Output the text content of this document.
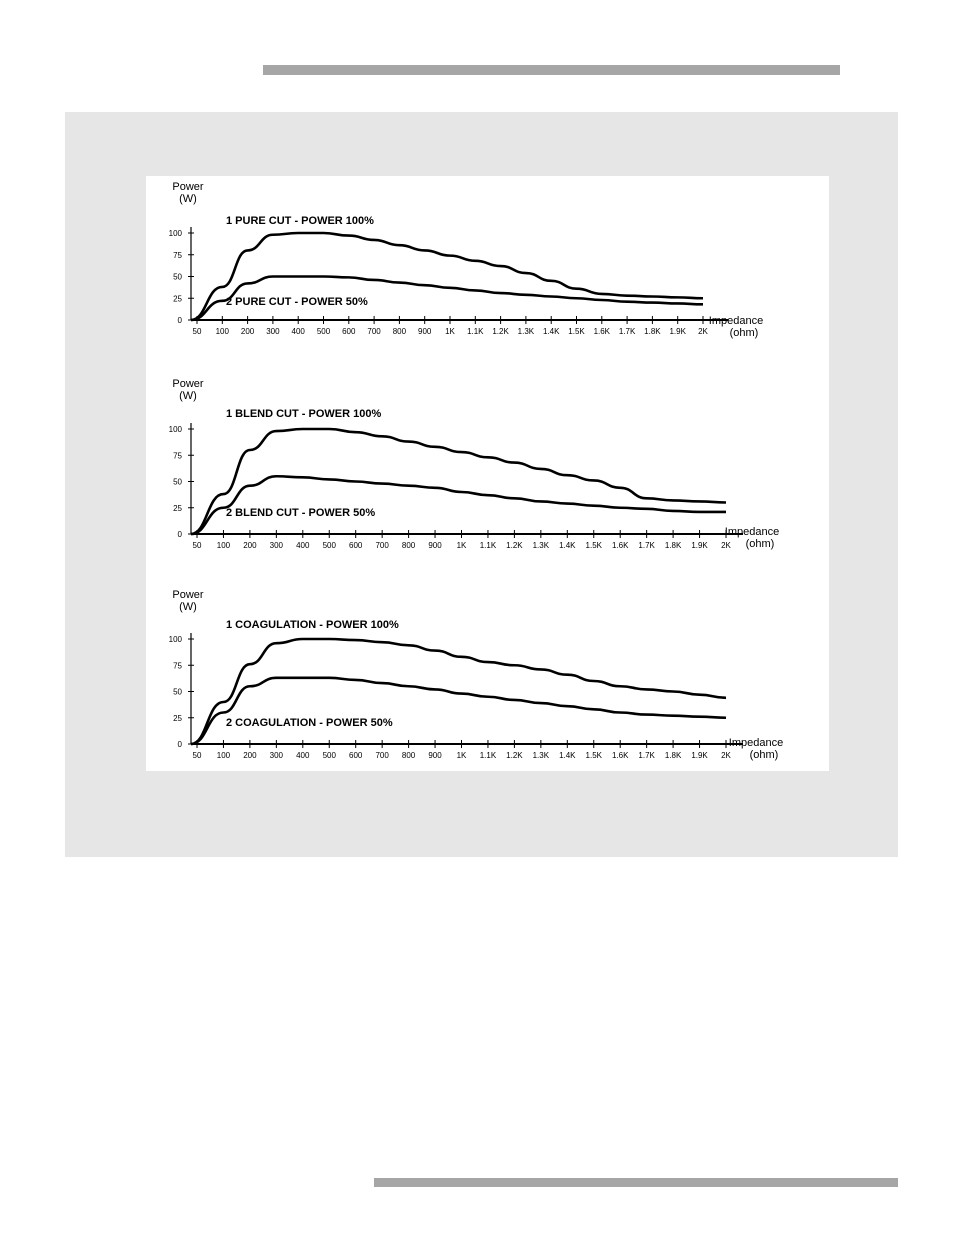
Power
(W)
0
25
50
75
100
50 100 200 300 400 500 600 700 800 900 1K 1.1K 1.2K 1.3K 1.4K 1.5K 1.6K 1.7K 1.8K 1.9K 2K
Impedance
(ohm)
1 PURE CUT - POWER 100%
2 PURE CUT - POWER 50%
Power
(W)
0
25
50
75
100
50 100 200 300 400 500 600 700 800 900 1K 1.1K 1.2K 1.3K 1.4K 1.5K 1.6K 1.7K 1.8K 1.9K 2K
Impedance
(ohm)
1 BLEND CUT - POWER 100%
2 BLEND CUT - POWER 50%
Power
(W)
0
25
50
75
100
50 100 200 300 400 500 600 700 800 900 1K 1.1K 1.2K 1.3K 1.4K 1.5K 1.6K 1.7K 1.8K 1.9K 2K
Impedance
(ohm)
1 COAGULATION - POWER 100%
2 COAGULATION - POWER 50%
